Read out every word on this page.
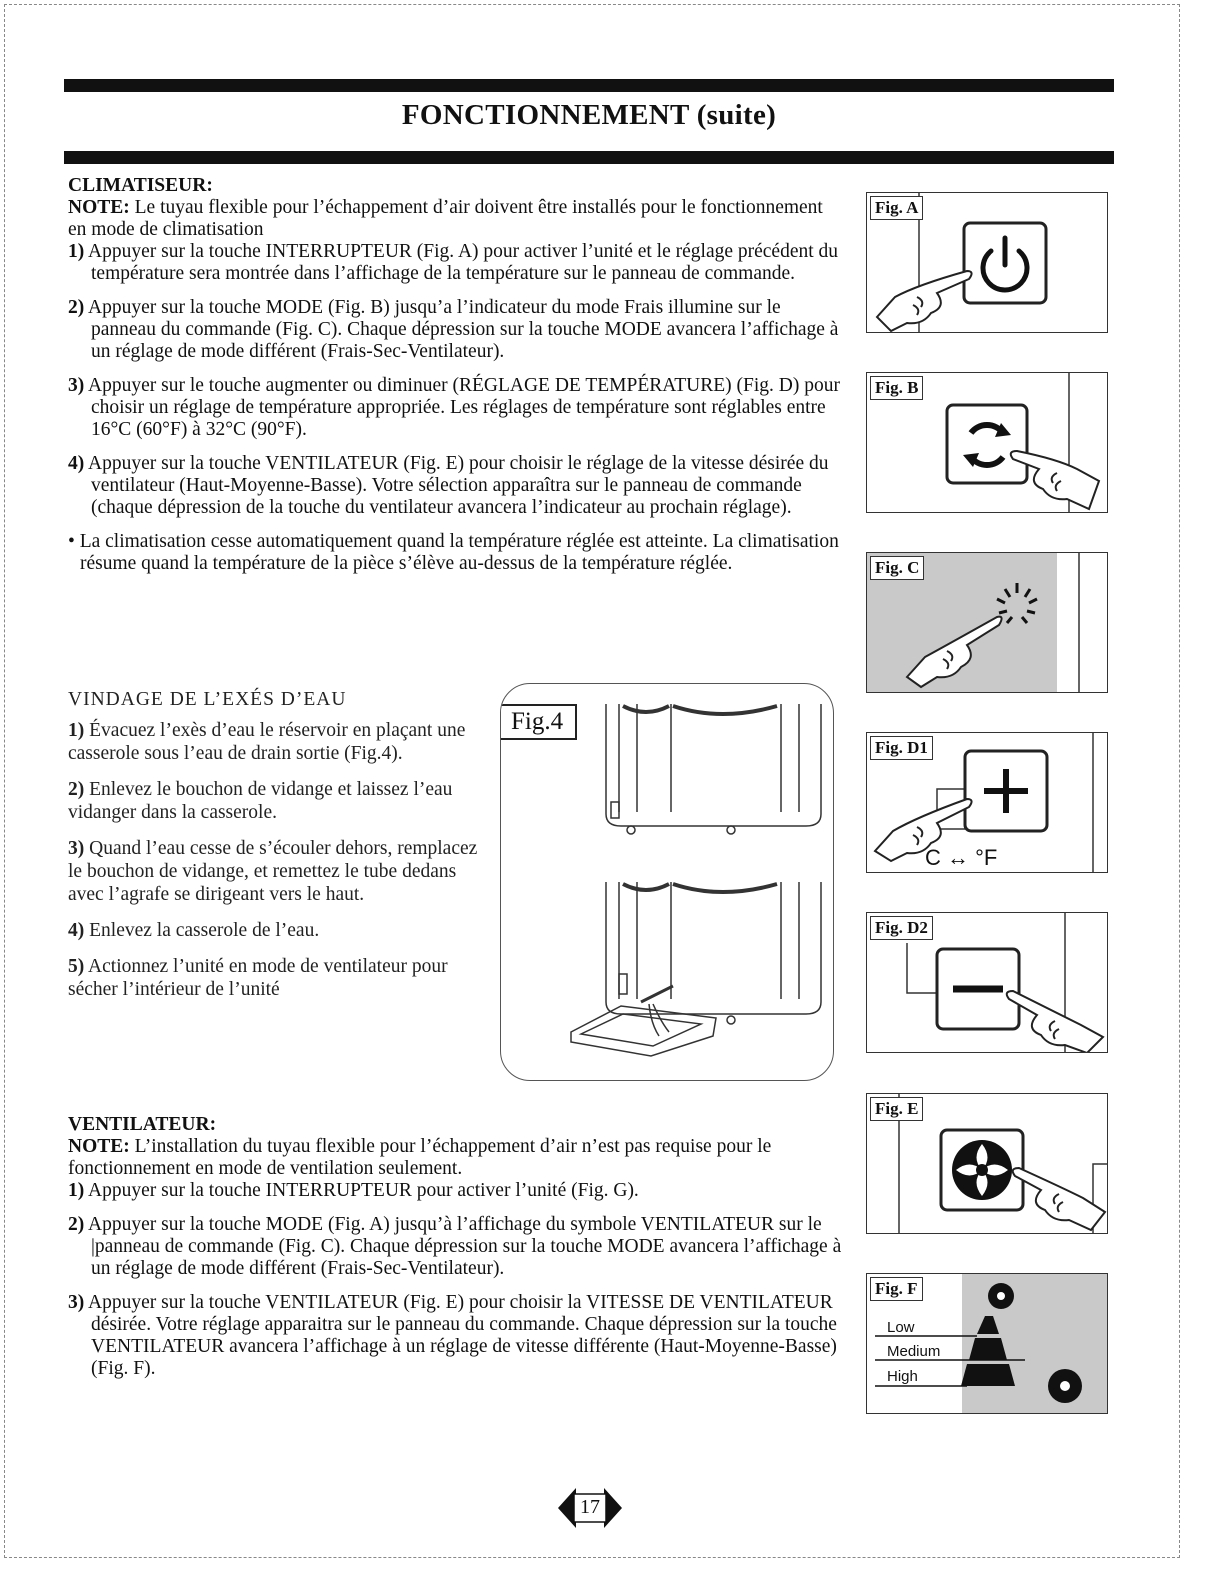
FONCTIONNEMENT (suite)

CLIMATISEUR:

NOTE: Le tuyau flexible pour l’échappement d’air doivent être installés pour le fonctionnement en mode de climatisation

1) Appuyer sur la touche INTERRUPTEUR (Fig. A) pour activer l’unité et le réglage précédent du température sera montrée dans l’affichage de la température sur le panneau de commande.

2) Appuyer sur la touche MODE (Fig. B) jusqu’a l’indicateur du mode Frais illumine sur le panneau du commande (Fig. C). Chaque dépression sur la touche MODE avancera l’affichage à un réglage de mode différent (Frais-Sec-Ventilateur).

3) Appuyer sur le touche augmenter ou diminuer (RÉGLAGE DE TEMPÉRATURE) (Fig. D) pour choisir un réglage de température appropriée. Les réglages de température sont réglables entre 16°C (60°F) à 32°C (90°F).

4) Appuyer sur la touche VENTILATEUR (Fig. E) pour choisir le réglage de la vitesse désirée du ventilateur (Haut-Moyenne-Basse). Votre sélection apparaîtra sur le panneau de commande (chaque dépression de la touche du ventilateur avancera l’indicateur au prochain réglage).

• La climatisation cesse automatiquement quand la température réglée est atteinte. La climatisation résume quand la température de la pièce s’élève au-dessus de la température réglée.

VINDAGE DE L’EXÉS D’EAU

1) Évacuez l’exès d’eau le réservoir en plaçant une casserole sous l’eau de drain sortie (Fig.4).

2) Enlevez le bouchon de vidange et laissez l’eau vidanger dans la casserole.

3) Quand l’eau cesse de s’écouler dehors, remplacez le bouchon de vidange, et remettez le tube dedans avec l’agrafe se dirigeant vers le haut.

4) Enlevez la casserole de l’eau.

5) Actionnez l’unité en mode de ventilateur pour sécher l’intérieur de l’unité

Fig.4

VENTILATEUR:

NOTE: L’installation du tuyau flexible pour l’échappement d’air n’est pas requise pour le fonctionnement en mode de ventilation seulement.

1) Appuyer sur la touche INTERRUPTEUR pour activer l’unité (Fig. G).

2) Appuyer sur la touche MODE (Fig. A) jusqu’à l’affichage du symbole VENTILATEUR sur le |panneau de commande (Fig. C). Chaque dépression sur la touche MODE avancera l’affichage à un réglage de mode différent (Frais-Sec-Ventilateur).

3) Appuyer sur la touche VENTILATEUR (Fig. E) pour choisir la VITESSE DE VENTILATEUR désirée. Votre réglage apparaitra sur le panneau du commande. Chaque dépression sur la touche VENTILATEUR avancera l’affichage à un réglage de vitesse différente (Haut-Moyenne-Basse) (Fig. F).

Fig. A
Fig. B
Fig. C
Fig. D1
C ↔ °F
Fig. D2
Fig. E
Fig. F
Low
Medium
High
17
